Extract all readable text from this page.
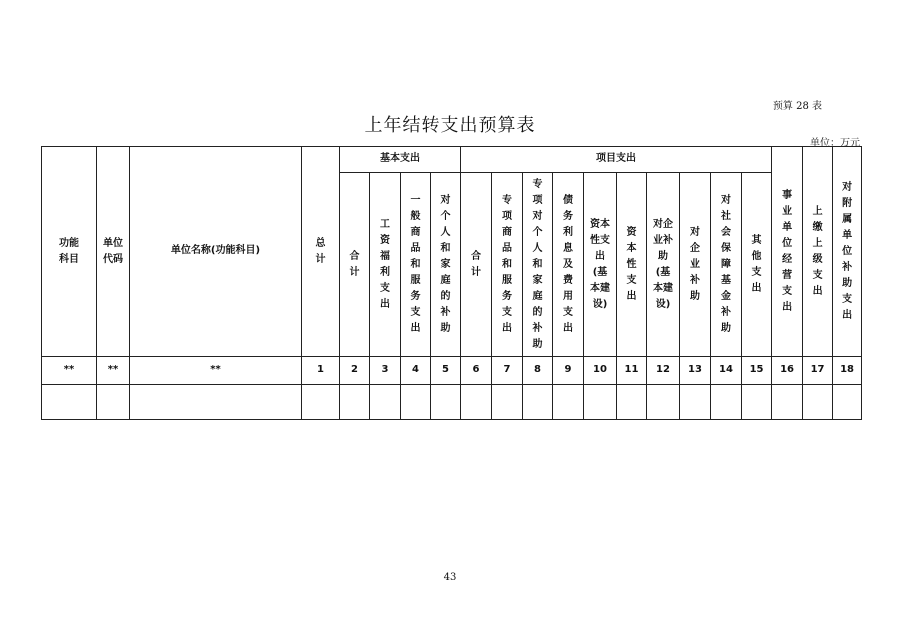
预算 28 表
上年结转支出预算表
单位：万元
功能科目	单位代码	单位名称(功能科目)	总计	基本支出				项目支出										事业单位经营支出	上缴上级支出	对附属单位补助支出
				合计	工资福利支出	一般商品和服务支出	对个人和家庭的补助	合计	专项商品和服务支出	专项对个人和家庭的补助	债务利息及费用支出	资本性支出(基本建设)	资本性支出	对企业补助(基本建设)	对企业补助	对社会保障基金补助	其他支出			
**	**	**	1	2	3	4	5	6	7	8	9	10	11	12	13	14	15	16	17	18

43
